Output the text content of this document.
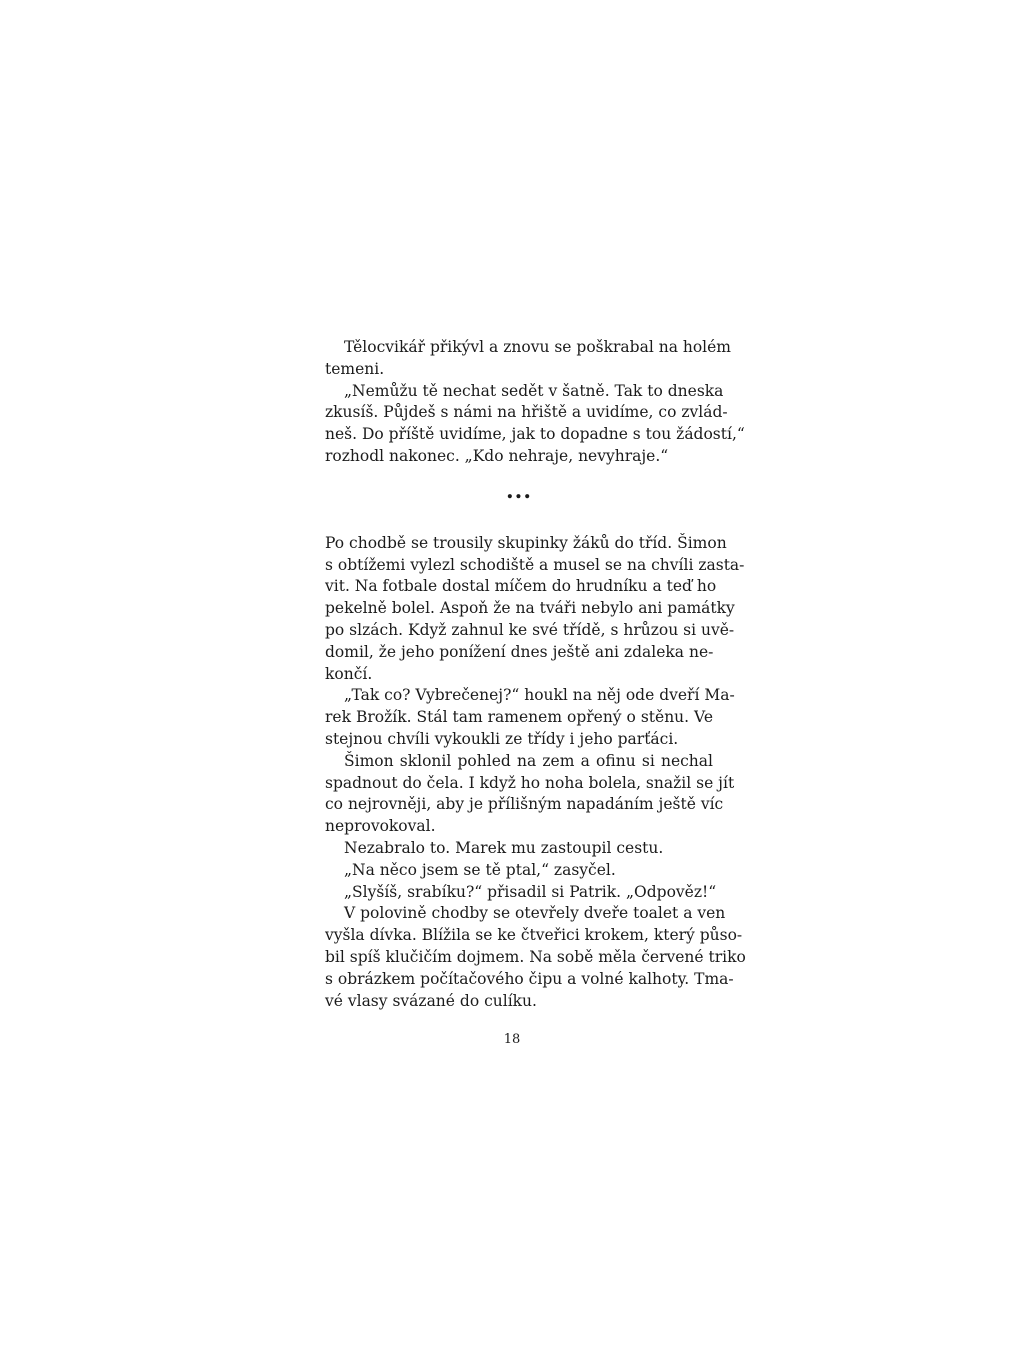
Tělocvikář přikývl a znovu se poškrabal na holém
temeni.
„Nemůžu tě nechat sedět v šatně. Tak to dneska
zkusíš. Půjdeš s námi na hřiště a uvidíme, co zvlád-
neš. Do příště uvidíme, jak to dopadne s tou žádostí,“
rozhodl nakonec. „Kdo nehraje, nevyhraje.“
...
Po chodbě se trousily skupinky žáků do tříd. Šimon
s obtížemi vylezl schodiště a musel se na chvíli zasta-
vit. Na fotbale dostal míčem do hrudníku a teď ho
pekelně bolel. Aspoň že na tváři nebylo ani památky
po slzách. Když zahnul ke své třídě, s hrůzou si uvě-
domil, že jeho ponížení dnes ještě ani zdaleka ne-
končí.
„Tak co? Vybrečenej?“ houkl na něj ode dveří Ma-
rek Brožík. Stál tam ramenem opřený o stěnu. Ve
stejnou chvíli vykoukli ze třídy i jeho parťáci.
Šimon sklonil pohled na zem a ofinu si nechal
spadnout do čela. I když ho noha bolela, snažil se jít
co nejrovněji, aby je přílišným napadáním ještě víc
neprovokoval.
Nezabralo to. Marek mu zastoupil cestu.
„Na něco jsem se tě ptal,“ zasyčel.
„Slyšíš, srabíku?“ přisadil si Patrik. „Odpověz!“
V polovině chodby se otevřely dveře toalet a ven
vyšla dívka. Blížila se ke čtveřici krokem, který půso-
bil spíš klučičím dojmem. Na sobě měla červené triko
s obrázkem počítačového čipu a volné kalhoty. Tma-
vé vlasy svázané do culíku.
18
